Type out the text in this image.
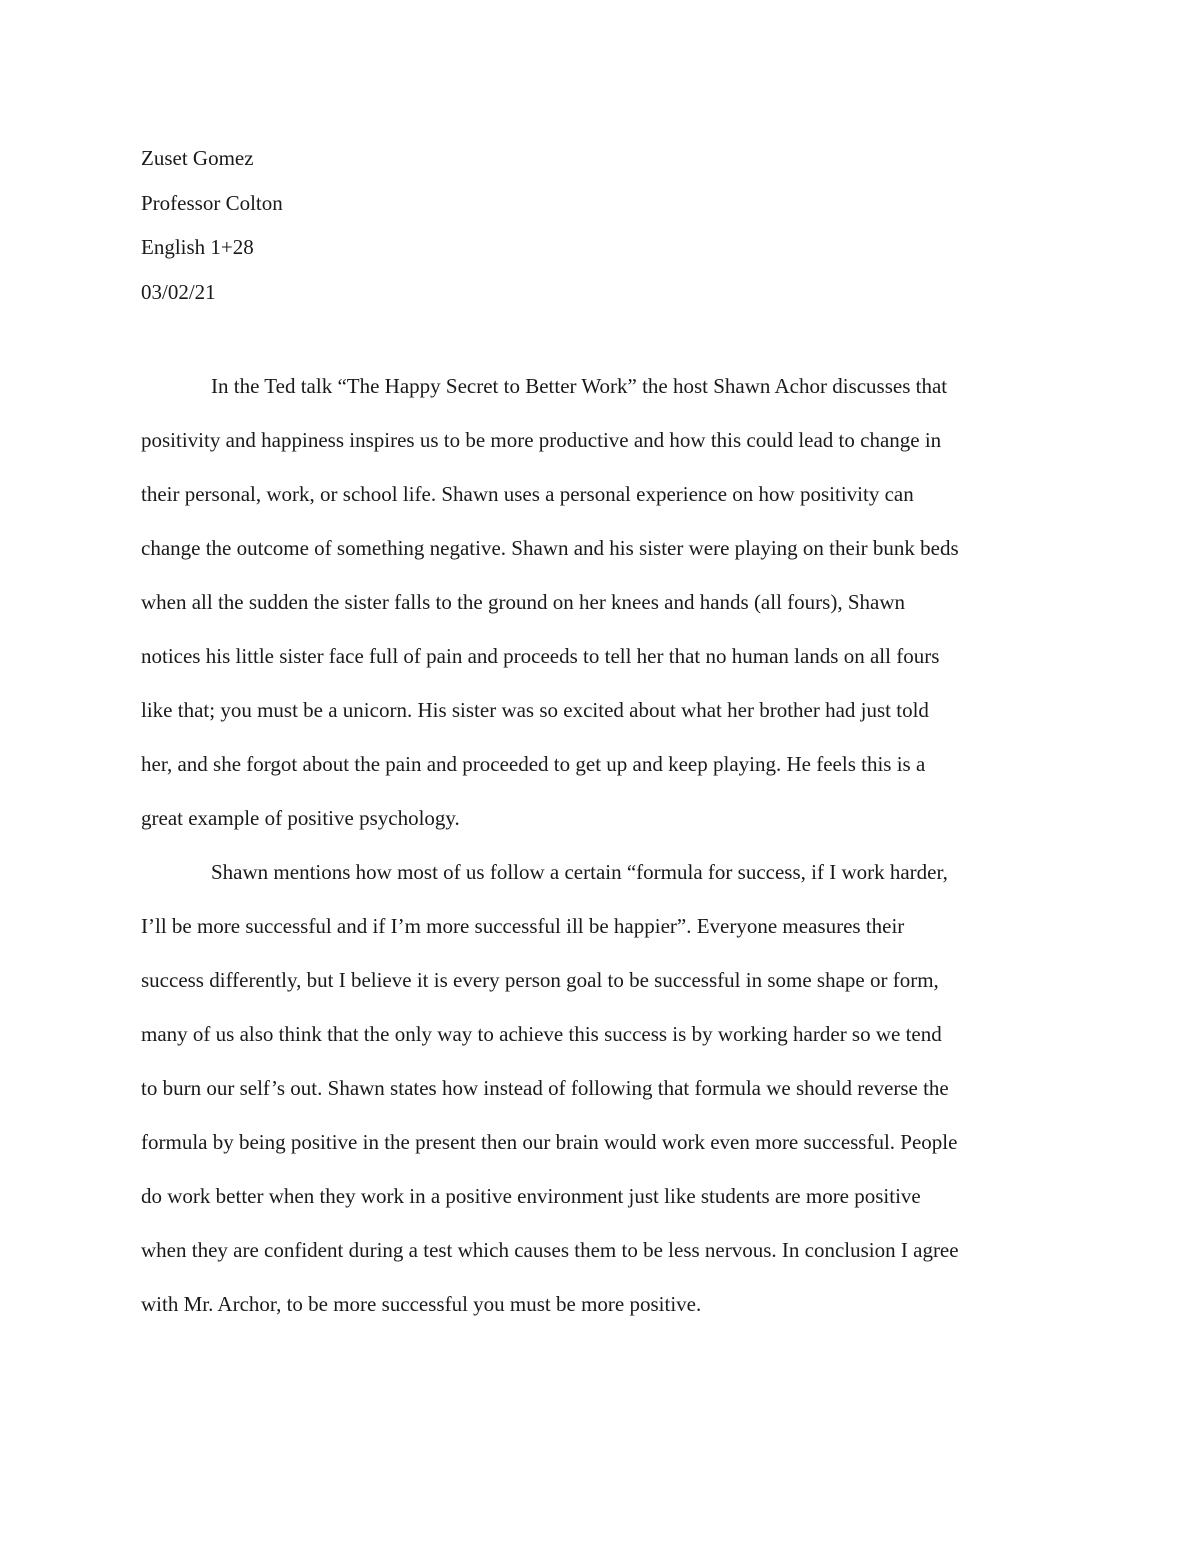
Zuset Gomez

Professor Colton

English 1+28

03/02/21

In the Ted talk “The Happy Secret to Better Work” the host Shawn Achor discusses that
positivity and happiness inspires us to be more productive and how this could lead to change in
their personal, work, or school life. Shawn uses a personal experience on how positivity can
change the outcome of something negative. Shawn and his sister were playing on their bunk beds
when all the sudden the sister falls to the ground on her knees and hands (all fours), Shawn
notices his little sister face full of pain and proceeds to tell her that no human lands on all fours
like that; you must be a unicorn. His sister was so excited about what her brother had just told
her, and she forgot about the pain and proceeded to get up and keep playing. He feels this is a
great example of positive psychology.
Shawn mentions how most of us follow a certain “formula for success, if I work harder,
I’ll be more successful and if I’m more successful ill be happier”. Everyone measures their
success differently, but I believe it is every person goal to be successful in some shape or form,
many of us also think that the only way to achieve this success is by working harder so we tend
to burn our self’s out. Shawn states how instead of following that formula we should reverse the
formula by being positive in the present then our brain would work even more successful. People
do work better when they work in a positive environment just like students are more positive
when they are confident during a test which causes them to be less nervous. In conclusion I agree
with Mr. Archor, to be more successful you must be more positive.
